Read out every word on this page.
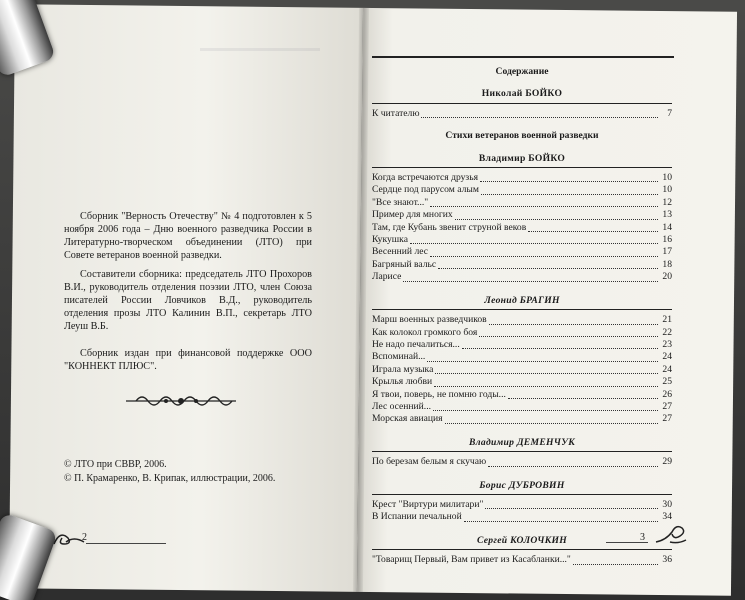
Сборник "Верность Отечеству" № 4 подготовлен к 5 ноября 2006 года – Дню военного разведчика России в Литературно-творческом объединении (ЛТО) при Совете ветеранов военной разведки.

Составители сборника: председатель ЛТО Прохоров В.И., руководитель отделения поэзии ЛТО, член Союза писателей России Ловчиков В.Д., руководитель отделения прозы ЛТО Калинин В.П., секретарь ЛТО Леуш В.Б.

Сборник издан при финансовой поддержке ООО "КОННЕКТ ПЛЮС".

© ЛТО при СВВР, 2006.
© П. Крамаренко, В. Крипак, иллюстрации, 2006.
2
Содержание
Николай БОЙКО
К читателю	7
Стихи ветеранов военной разведки
Владимир БОЙКО
Когда встречаются друзья	10
Сердце под парусом алым	10
"Все знают..."	12
Пример для многих	13
Там, где Кубань звенит струной веков	14
Кукушка	16
Весенний лес	17
Багряный вальс	18
Ларисе	20
Леонид БРАГИН
Марш военных разведчиков	21
Как колокол громкого боя	22
Не надо печалиться...	23
Вспоминай...	24
Играла музыка	24
Крылья любви	25
Я твои, поверь, не помню годы...	26
Лес осенний...	27
Морская авиация	27
Владимир ДЕМЕНЧУК
По березам белым я скучаю	29
Борис ДУБРОВИН
Крест "Виртури милитари"	30
В Испании печальной	34
Сергей КОЛОЧКИН
"Товарищ Первый, Вам привет из Касабланки..."	36
3
